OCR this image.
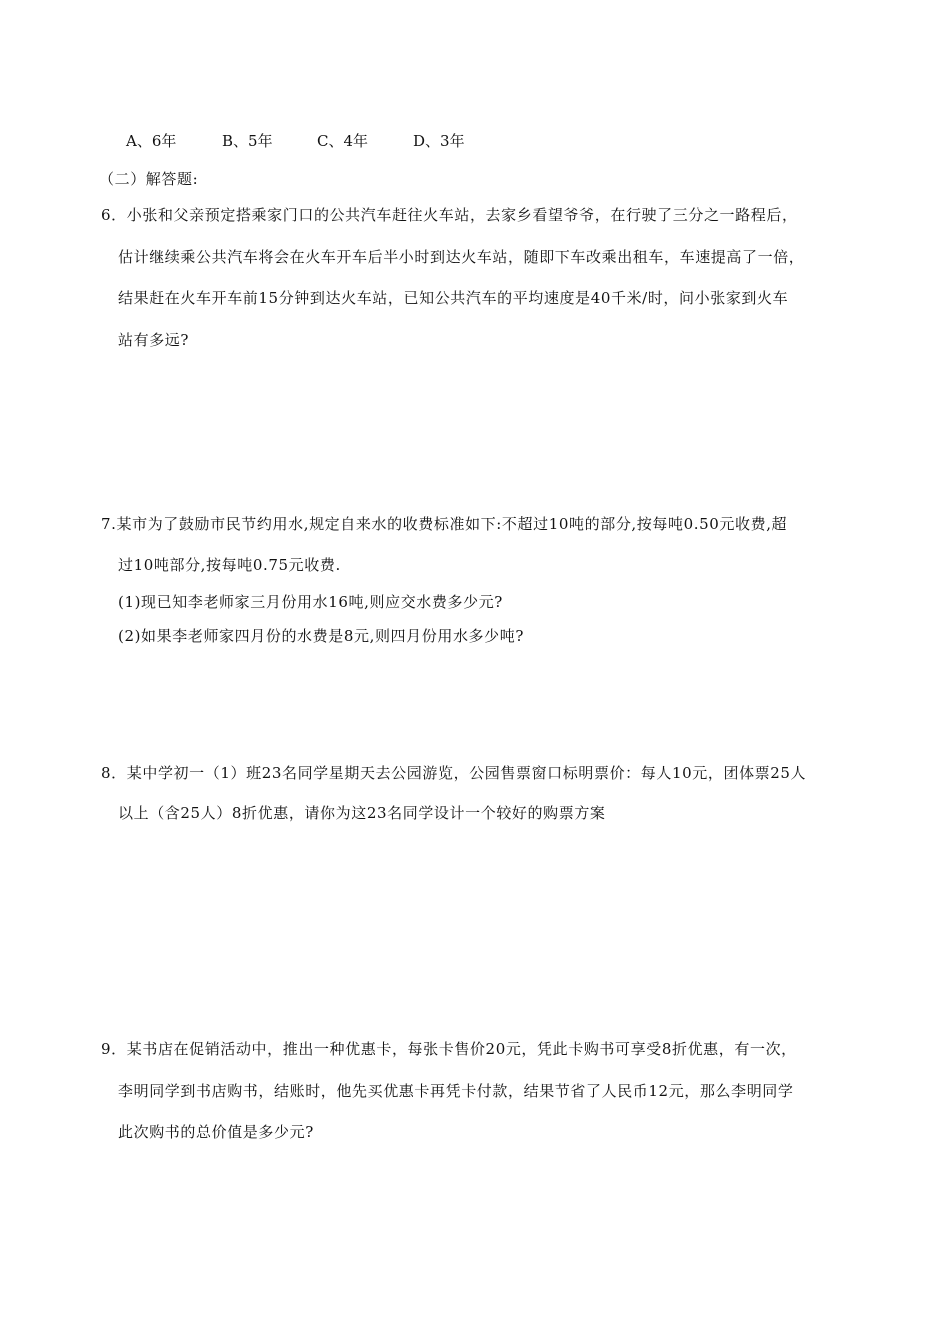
A、6年	B、5年	C、4年	D、3年
（二）解答题:
6．小张和父亲预定搭乘家门口的公共汽车赶往火车站，去家乡看望爷爷，在行驶了三分之一路程后，
估计继续乘公共汽车将会在火车开车后半小时到达火车站，随即下车改乘出租车，车速提高了一倍，
结果赶在火车开车前15分钟到达火车站，已知公共汽车的平均速度是40千米/时，问小张家到火车
站有多远?
7.某市为了鼓励市民节约用水,规定自来水的收费标准如下:不超过10吨的部分,按每吨0.50元收费,超
过10吨部分,按每吨0.75元收费.
(1)现已知李老师家三月份用水16吨,则应交水费多少元?
(2)如果李老师家四月份的水费是8元,则四月份用水多少吨?
8．某中学初一（1）班23名同学星期天去公园游览，公园售票窗口标明票价：每人10元，团体票25人
以上（含25人）8折优惠，请你为这23名同学设计一个较好的购票方案
9．某书店在促销活动中，推出一种优惠卡，每张卡售价20元，凭此卡购书可享受8折优惠，有一次，
李明同学到书店购书，结账时，他先买优惠卡再凭卡付款，结果节省了人民币12元，那么李明同学
此次购书的总价值是多少元?
